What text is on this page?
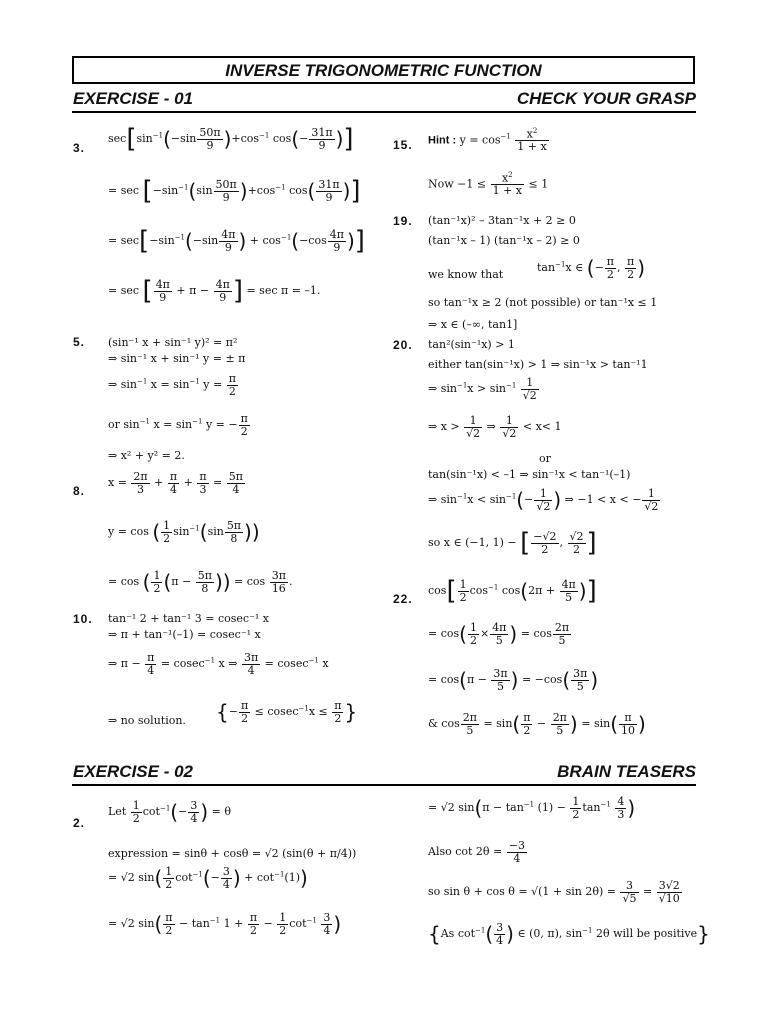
INVERSE TRIGONOMETRIC FUNCTION
EXERCISE - 01	CHECK YOUR GRASP
3.
$\sec[\sin^{-1}(-\sin \frac{50\pi}{9} )+\cos^{-1}$ $\cos(- \frac{31\pi}{9}$ )]
= $\sec [-\sin^{-1}(\sin \frac{50\pi}{9} )+\cos^{-1}$ $\cos( \frac{31\pi}{9}$ )]
= $\sec[-\sin^{-1}(-\sin \frac{4\pi}{9}$ ) + $\cos^{-1}(-\cos \frac{4\pi}{9}$ )]
= sec [ $\frac{4\pi}{9} + \pi - \frac{4\pi}{9}$ ] = sec π = –1.
5. (sin⁻¹ x + sin⁻¹ y)² = π²
⇒ sin⁻¹ x + sin⁻¹ y = ± π
⇒ $\sin^{-1} x = \sin^{-1} y = \frac{\pi}{2}$
or $\sin^{-1} x = \sin^{-1} y$ = − $\frac{\pi}{2}$
⇒ x² + y² = 2.
8.
$x = \frac{2\pi}{3} + \frac{\pi}{4} + \frac{\pi}{3} = \frac{5\pi}{4}$
y = cos ( $\frac{1}{2} \sin^{-1}(\sin \frac{5\pi}{8}$ ))
= cos ( $\frac{1}{2} (\pi - \frac{5\pi}{8}$ )) = $\cos \frac{3\pi}{16}$ .
10. tan⁻¹ 2 + tan⁻¹ 3 = cosec⁻¹ x
⇒ π + tan⁻¹(–1) = cosec⁻¹ x
⇒ $\pi - \frac{\pi}{4} = cosec^{-1}$ x ⇒ $\frac{3\pi}{4} = cosec^{-1}$ x
⇒ no solution. {− $\frac{\pi}{2} \le cosec^{-1}x \le \frac{\pi}{2}$ }
15. Hint : $y = \cos^{-1} \frac{x^2}{1 + x}$
Now $-1 \le \frac{x^2}{1 + x} \le 1$
19. (tan⁻¹x)² – 3tan⁻¹x + 2 ≥ 0
(tan⁻¹x – 1) (tan⁻¹x – 2) ≥ 0
we know that
$\tan^{-1}x$ ∈ (− $\frac{\pi}{2}$ , $\frac{\pi}{2}$ )
so tan⁻¹x ≥ 2 (not possible) or tan⁻¹x ≤ 1
⇒ x ∈ (–∞, tan1]
20. tan²(sin⁻¹x) > 1
either tan(sin⁻¹x) > 1 ⇒ sin⁻¹x > tan⁻¹1
⇒ $\sin^{-1}x > \sin^{-1} \frac{1}{√2}$
⇒ $x > \frac{1}{√2}$ ⇒ $\frac{1}{√2} < x< 1$
or
tan(sin⁻¹x) < –1 ⇒ sin⁻¹x < tan⁻¹(–1)
⇒ $\sin^{-1}x < \sin^{-1}(- \frac{1}{√2}$ ) ⇒ −1 < x < − $\frac{1}{√2}$
so x ∈ (−1, 1) − [ $\frac{-√2}{2}$ , $\frac{√2}{2}$ ]
22.
$\cos[ \frac{1}{2} \cos^{-1} \cos(2\pi + \frac{4\pi}{5}$ )]
= $\cos( \frac{1}{2} \times \frac{4\pi}{5}$ ) = $\cos \frac{2\pi}{5}$
= $\cos(\pi - \frac{3\pi}{5}$ ) = $-\cos( \frac{3\pi}{5}$ )
& $\cos \frac{2\pi}{5} = \sin( \frac{\pi}{2} - \frac{2\pi}{5}$ ) = $\sin( \frac{\pi}{10}$ )
EXERCISE - 02	BRAIN TEASERS
2.
Let $\frac{1}{2} \cot^{-1}(- \frac{3}{4}$ ) = θ
expression = sinθ + cosθ = √2 (sin(θ + π/4))
= √2 $\sin( \frac{1}{2} \cot^{-1}(- \frac{3}{4}$ ) + $\cot^{-1}(1)$)
= √2 $\sin( \frac{\pi}{2} - \tan^{-1} 1 + \frac{\pi}{2} - \frac{1}{2} \cot^{-1} \frac{3}{4}$ )
= √2 $\sin(\pi - \tan^{-1} (1) - \frac{1}{2} \tan^{-1} \frac{4}{3}$ )
Also $\cot 2\theta = \frac{-3}{4}$
so $\sin \theta + \cos \theta = √(1 + \sin 2\theta) = \frac{3}{√5} = \frac{3√2}{√10}$
{As $\cot^{-1}( \frac{3}{4}$ ) ∈ (0, π), $\sin^{-1} 2\theta$ will be positive}
